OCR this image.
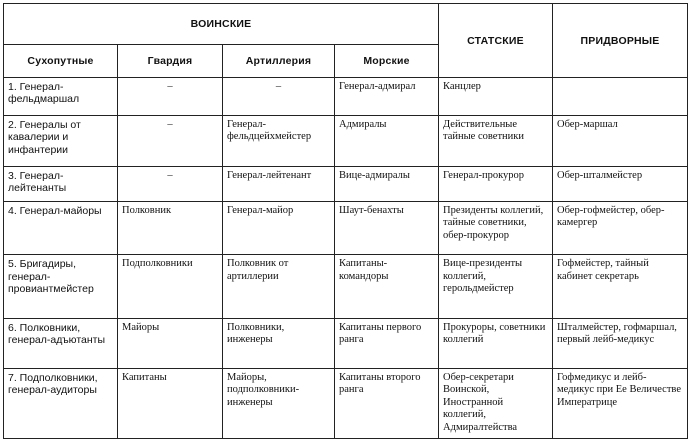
ВОИНСКИЕ				СТАТСКИЕ	ПРИДВОРНЫЕ
Сухопутные	Гвардия	Артиллерия	Морские		
1. Генерал-фельдмаршал	–	–	Генерал-адмирал	Канцлер	
2. Генералы от кавалерии и инфантерии	–	Генерал-фельдцейхмейстер	Адмиралы	Действительные тайные советники	Обер-маршал
3. Генерал-лейтенанты	–	Генерал-лейтенант	Вице-адмиралы	Генерал-прокурор	Обер-шталмейстер
4. Генерал-майоры	Полковник	Генерал-майор	Шаут-бенахты	Президенты коллегий, тайные советники, обер-прокурор	Обер-гофмейстер, обер-камергер
5. Бригадиры, генерал-провиантмейстер	Подполковники	Полковник от артиллерии	Капитаны-командоры	Вице-президенты коллегий, герольдмейстер	Гофмейстер, тайный кабинет секретарь
6. Полковники, генерал-адъютанты	Майоры	Полковники, инженеры	Капитаны первого ранга	Прокуроры, советники коллегий	Шталмейстер, гофмаршал, первый лейб-медикус
7. Подполковники, генерал-аудиторы	Капитаны	Майоры, подполковники-инженеры	Капитаны второго ранга	Обер-секретари Воинской, Иностранной коллегий, Адмиралтейства	Гофмедикус и лейб-медикус при Ее Величестве Императрице
